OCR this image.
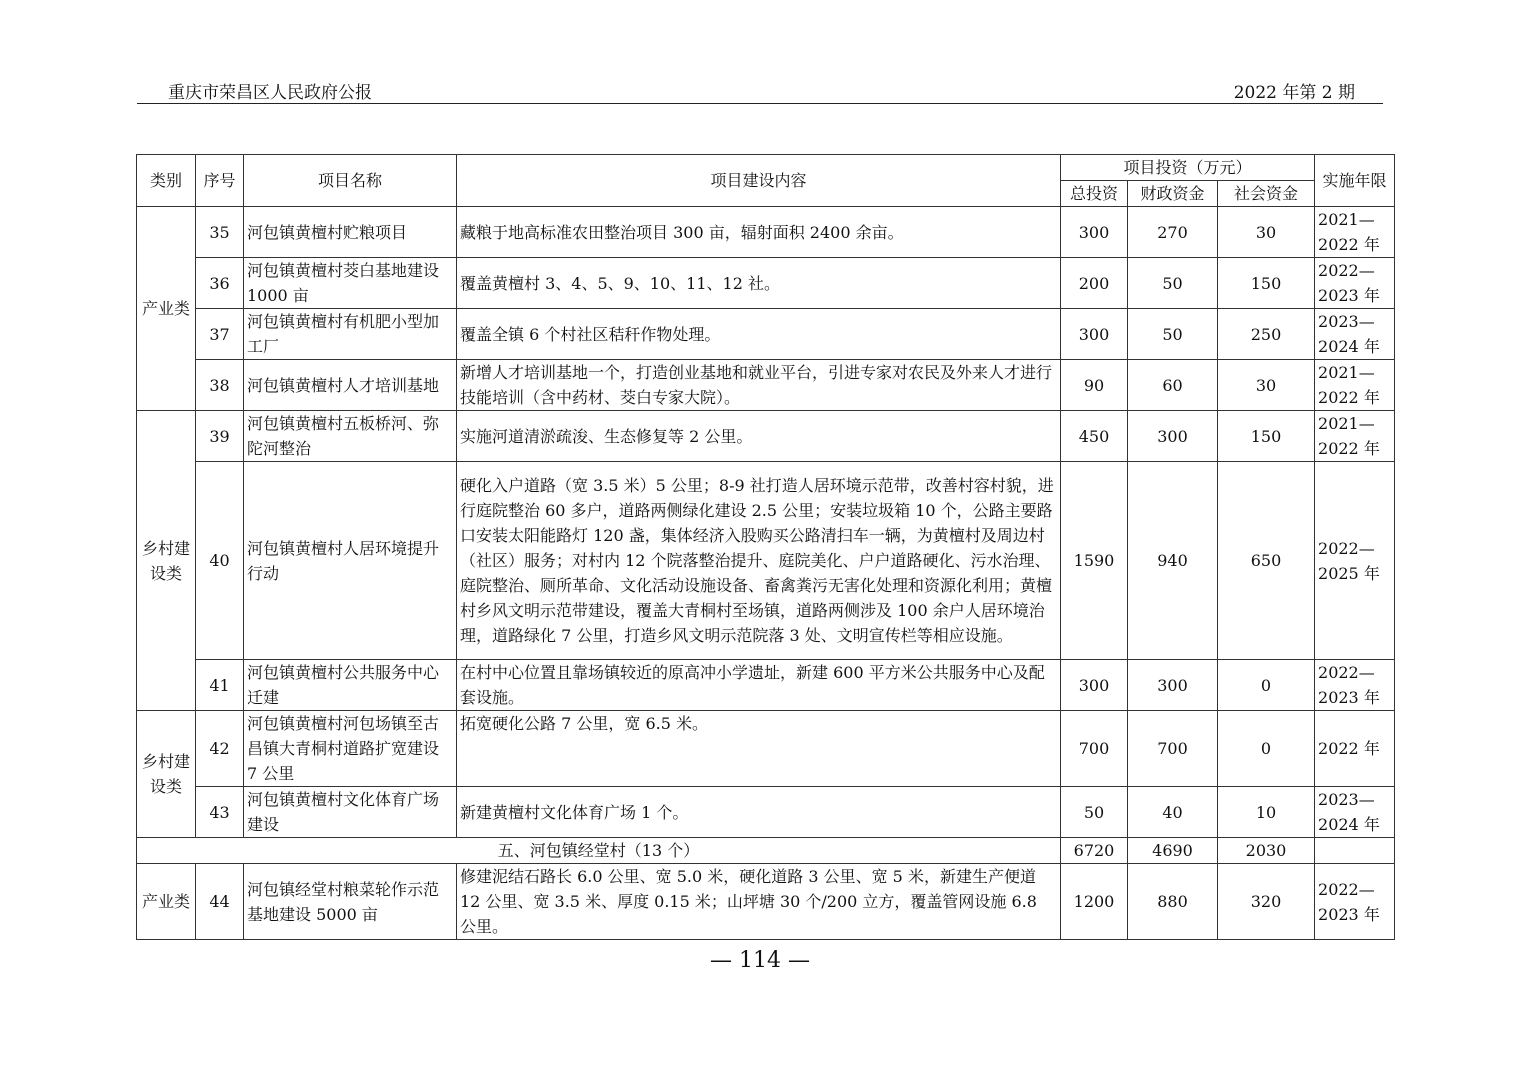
重庆市荣昌区人民政府公报	2022 年第 2 期
类别	序号	项目名称	项目建设内容	项目投资（万元）			实施年限
				总投资	财政资金	社会资金	
产业类	35	河包镇黄檀村贮粮项目	藏粮于地高标准农田整治项目 300 亩，辐射面积 2400 余亩。	300	270	30	2021—2022 年
	36	河包镇黄檀村茭白基地建设 1000 亩	覆盖黄檀村 3、4、5、9、10、11、12 社。	200	50	150	2022—2023 年
	37	河包镇黄檀村有机肥小型加工厂	覆盖全镇 6 个村社区秸秆作物处理。	300	50	250	2023—2024 年
	38	河包镇黄檀村人才培训基地	新增人才培训基地一个，打造创业基地和就业平台，引进专家对农民及外来人才进行技能培训（含中药材、茭白专家大院）。	90	60	30	2021—2022 年
乡村建设类	39	河包镇黄檀村五板桥河、弥陀河整治	实施河道清淤疏浚、生态修复等 2 公里。	450	300	150	2021—2022 年
	40	河包镇黄檀村人居环境提升行动	硬化入户道路（宽 3.5 米）5 公里；8-9 社打造人居环境示范带，改善村容村貌，进行庭院整治 60 多户，道路两侧绿化建设 2.5 公里；安装垃圾箱 10 个，公路主要路口安装太阳能路灯 120 盏，集体经济入股购买公路清扫车一辆，为黄檀村及周边村（社区）服务；对村内 12 个院落整治提升、庭院美化、户户道路硬化、污水治理、庭院整治、厕所革命、文化活动设施设备、畜禽粪污无害化处理和资源化利用；黄檀村乡风文明示范带建设，覆盖大青桐村至场镇，道路两侧涉及 100 余户人居环境治理，道路绿化 7 公里，打造乡风文明示范院落 3 处、文明宣传栏等相应设施。	1590	940	650	2022—2025 年
	41	河包镇黄檀村公共服务中心迁建	在村中心位置且靠场镇较近的原高冲小学遗址，新建 600 平方米公共服务中心及配套设施。	300	300	0	2022—2023 年
乡村建设类	42	河包镇黄檀村河包场镇至古昌镇大青桐村道路扩宽建设 7 公里	拓宽硬化公路 7 公里，宽 6.5 米。	700	700	0	2022 年
	43	河包镇黄檀村文化体育广场建设	新建黄檀村文化体育广场 1 个。	50	40	10	2023—2024 年
五、河包镇经堂村（13 个）				6720	4690	2030	
产业类	44	河包镇经堂村粮菜轮作示范基地建设 5000 亩	修建泥结石路长 6.0 公里、宽 5.0 米，硬化道路 3 公里、宽 5 米，新建生产便道 12 公里、宽 3.5 米、厚度 0.15 米；山坪塘 30 个/200 立方，覆盖管网设施 6.8 公里。	1200	880	320	2022—2023 年
— 114 —
